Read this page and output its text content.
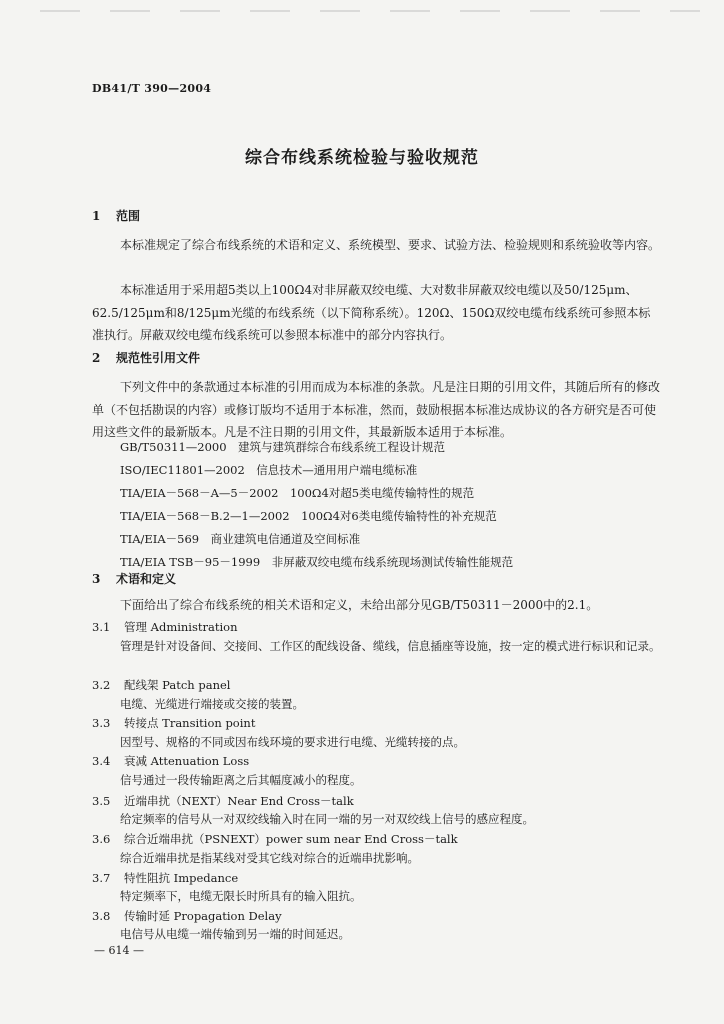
DB41/T 390—2004
综合布线系统检验与验收规范
1 范围

本标准规定了综合布线系统的术语和定义、系统模型、要求、试验方法、检验规则和系统验收等内容。

本标准适用于采用超5类以上100Ω4对非屏蔽双绞电缆、大对数非屏蔽双绞电缆以及50/125μm、62.5/125μm和8/125μm光缆的布线系统（以下简称系统）。120Ω、150Ω双绞电缆布线系统可参照本标准执行。屏蔽双绞电缆布线系统可以参照本标准中的部分内容执行。

2 规范性引用文件

下列文件中的条款通过本标准的引用而成为本标准的条款。凡是注日期的引用文件，其随后所有的修改单（不包括勘误的内容）或修订版均不适用于本标准，然而，鼓励根据本标准达成协议的各方研究是否可使用这些文件的最新版本。凡是不注日期的引用文件，其最新版本适用于本标准。

GB/T50311—2000　建筑与建筑群综合布线系统工程设计规范
ISO/IEC11801—2002　信息技术—通用用户端电缆标准
TIA/EIA－568－A—5－2002　100Ω4对超5类电缆传输特性的规范
TIA/EIA－568－B.2—1—2002　100Ω4对6类电缆传输特性的补充规范
TIA/EIA－569　商业建筑电信通道及空间标准
TIA/EIA TSB－95－1999　非屏蔽双绞电缆布线系统现场测试传输性能规范
3 术语和定义

下面给出了综合布线系统的相关术语和定义，未给出部分见GB/T50311－2000中的2.1。

3.1 管理 Administration

管理是针对设备间、交接间、工作区的配线设备、缆线，信息插座等设施，按一定的模式进行标识和记录。

3.2 配线架 Patch panel
电缆、光缆进行端接或交接的装置。
3.3 转接点 Transition point
因型号、规格的不同或因布线环境的要求进行电缆、光缆转接的点。
3.4 衰减 Attenuation Loss
信号通过一段传输距离之后其幅度减小的程度。
3.5 近端串扰（NEXT）Near End Cross－talk
给定频率的信号从一对双绞线输入时在同一端的另一对双绞线上信号的感应程度。
3.6 综合近端串扰（PSNEXT）power sum near End Cross－talk
综合近端串扰是指某线对受其它线对综合的近端串扰影响。
3.7 特性阻抗 Impedance
特定频率下，电缆无限长时所具有的输入阻抗。
3.8 传输时延 Propagation Delay
电信号从电缆一端传输到另一端的时间延迟。
— 614 —
